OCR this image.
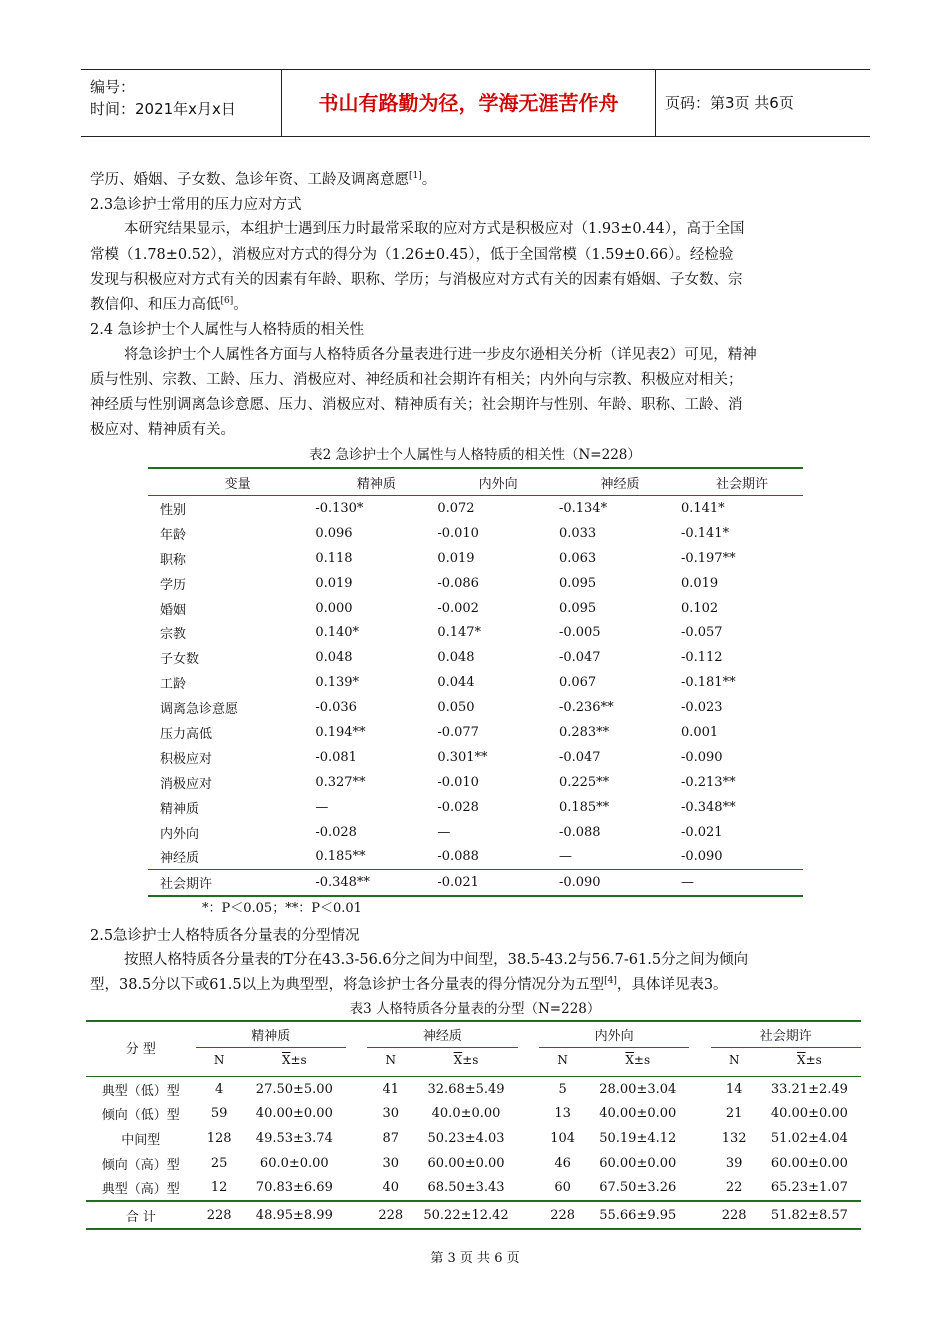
编号：
时间：2021年x月x日	书山有路勤为径，学海无涯苦作舟	页码：第3页 共6页
学历、婚姻、子女数、急诊年资、工龄及调离意愿[1]。
2.3急诊护士常用的压力应对方式
本研究结果显示，本组护士遇到压力时最常采取的应对方式是积极应对（1.93±0.44），高于全国
常模（1.78±0.52），消极应对方式的得分为（1.26±0.45），低于全国常模（1.59±0.66）。经检验
发现与积极应对方式有关的因素有年龄、职称、学历；与消极应对方式有关的因素有婚姻、子女数、宗
教信仰、和压力高低[6]。
2.4 急诊护士个人属性与人格特质的相关性
将急诊护士个人属性各方面与人格特质各分量表进行进一步皮尔逊相关分析（详见表2）可见，精神
质与性别、宗教、工龄、压力、消极应对、神经质和社会期许有相关；内外向与宗教、积极应对相关；
神经质与性别调离急诊意愿、压力、消极应对、精神质有关；社会期许与性别、年龄、职称、工龄、消
极应对、精神质有关。
表2 急诊护士个人属性与人格特质的相关性（N=228）
变量	精神质	内外向	神经质	社会期许
性别	-0.130*	0.072	-0.134*	0.141*
年龄	0.096	-0.010	0.033	-0.141*
职称	0.118	0.019	0.063	-0.197**
学历	0.019	-0.086	0.095	0.019
婚姻	0.000	-0.002	0.095	0.102
宗教	0.140*	0.147*	-0.005	-0.057
子女数	0.048	0.048	-0.047	-0.112
工龄	0.139*	0.044	0.067	-0.181**
调离急诊意愿	-0.036	0.050	-0.236**	-0.023
压力高低	0.194**	-0.077	0.283**	0.001
积极应对	-0.081	0.301**	-0.047	-0.090
消极应对	0.327**	-0.010	0.225**	-0.213**
精神质	—	-0.028	0.185**	-0.348**
内外向	-0.028	—	-0.088	-0.021
神经质	0.185**	-0.088	—	-0.090
社会期许	-0.348**	-0.021	-0.090	—
*：P＜0.05；**：P＜0.01
2.5急诊护士人格特质各分量表的分型情况
按照人格特质各分量表的T分在43.3-56.6分之间为中间型，38.5-43.2与56.7-61.5分之间为倾向
型，38.5分以下或61.5以上为典型型，将急诊护士各分量表的得分情况分为五型[4]，具体详见表3。
表3 人格特质各分量表的分型（N=228）
分 型	精神质			神经质			内外向			社会期许	
	N	$\overline{X}\pm s$		N	$\overline{X}\pm s$		N	$\overline{X}\pm s$		N	$\overline{X}\pm s$

典型（低）型	4	27.50±5.00		41	32.68±5.49		5	28.00±3.04		14	33.21±2.49
倾向（低）型	59	40.00±0.00		30	40.0±0.00		13	40.00±0.00		21	40.00±0.00
中间型	128	49.53±3.74		87	50.23±4.03		104	50.19±4.12		132	51.02±4.04
倾向（高）型	25	60.0±0.00		30	60.00±0.00		46	60.00±0.00		39	60.00±0.00
典型（高）型	12	70.83±6.69		40	68.50±3.43		60	67.50±3.26		22	65.23±1.07
合 计	228	48.95±8.99		228	50.22±12.42		228	55.66±9.95		228	51.82±8.57
第 3 页 共 6 页
